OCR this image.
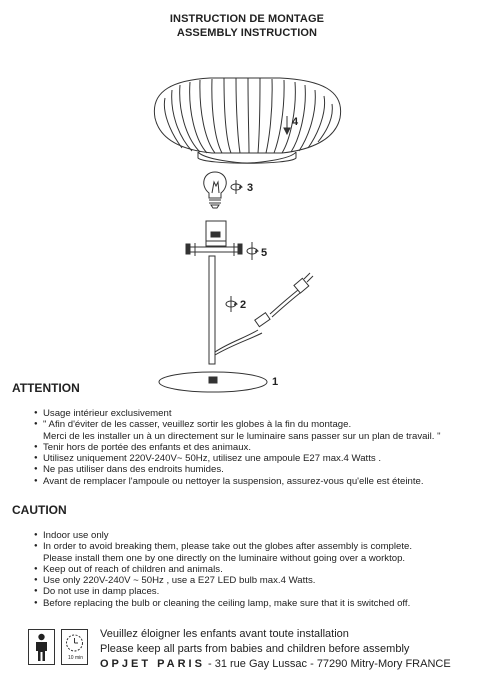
INSTRUCTION DE MONTAGE
ASSEMBLY INSTRUCTION
4
3
5
2
1
ATTENTION
● Usage intérieur exclusivement
● " Afin d'éviter de les casser, veuillez sortir les globes à la fin du montage.
Merci de les installer un à un directement sur le luminaire sans passer sur un plan de travail. "
● Tenir hors de portée des enfants et des animaux.
● Utilisez uniquement 220V-240V~ 50Hz, utilisez une ampoule E27 max.4 Watts .
● Ne pas utiliser dans des endroits humides.
● Avant de remplacer l'ampoule ou nettoyer la suspension, assurez-vous qu'elle est éteinte.
CAUTION
● Indoor use only
● In order to avoid breaking them, please take out the globes after assembly is complete.
Please install them one by one directly on the luminaire without going over a worktop.
● Keep out of reach of children and animals.
● Use only 220V-240V ~ 50Hz , use a E27 LED bulb max.4 Watts.
● Do not use in damp places.
● Before replacing the bulb or cleaning the ceiling lamp, make sure that it is switched off.
10 min
Veuillez éloigner les enfants avant toute installation
Please keep all parts from babies and children before assembly
OPJET PARIS - 31 rue Gay Lussac - 77290 Mitry-Mory FRANCE
